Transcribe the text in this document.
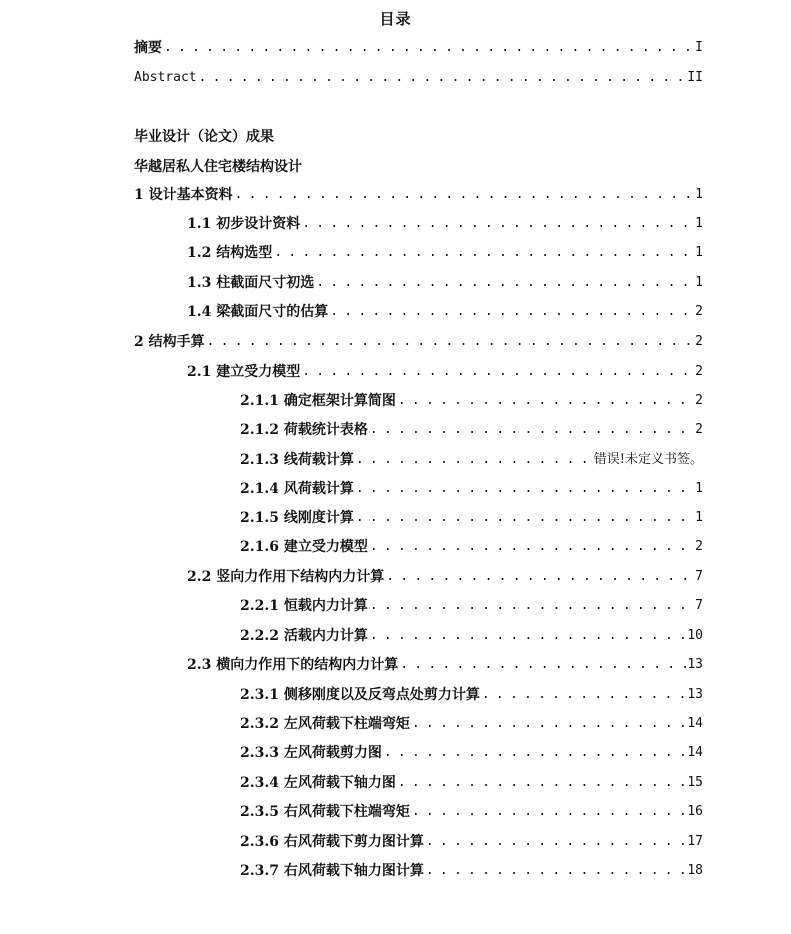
目录
摘要 . . .	I
Abstract . . .	II
毕业设计（论文）成果
华越居私人住宅楼结构设计
1 设计基本资料 . . .	1
1.1 初步设计资料 . . .	1
1.2 结构选型 . . .	1
1.3 柱截面尺寸初选 . . .	1
1.4 梁截面尺寸的估算 . . .	2
2 结构手算 . . .	2
2.1 建立受力模型 . . .	2
2.1.1 确定框架计算简图 . . .	2
2.1.2 荷载统计表格 . . .	2
2.1.3 线荷载计算 . . .	错误!未定义书签。
2.1.4 风荷载计算 . . .	1
2.1.5 线刚度计算 . . .	1
2.1.6 建立受力模型 . . .	2
2.2 竖向力作用下结构内力计算 . . .	7
2.2.1 恒载内力计算 . . .	7
2.2.2 活载内力计算 . . .	10
2.3 横向力作用下的结构内力计算 . . .	13
2.3.1 侧移刚度以及反弯点处剪力计算 . . .	13
2.3.2 左风荷载下柱端弯矩 . . .	14
2.3.3 左风荷载剪力图 . . .	14
2.3.4 左风荷载下轴力图 . . .	15
2.3.5 右风荷载下柱端弯矩 . . .	16
2.3.6 右风荷载下剪力图计算 . . .	17
2.3.7 右风荷载下轴力图计算 . . .	18
